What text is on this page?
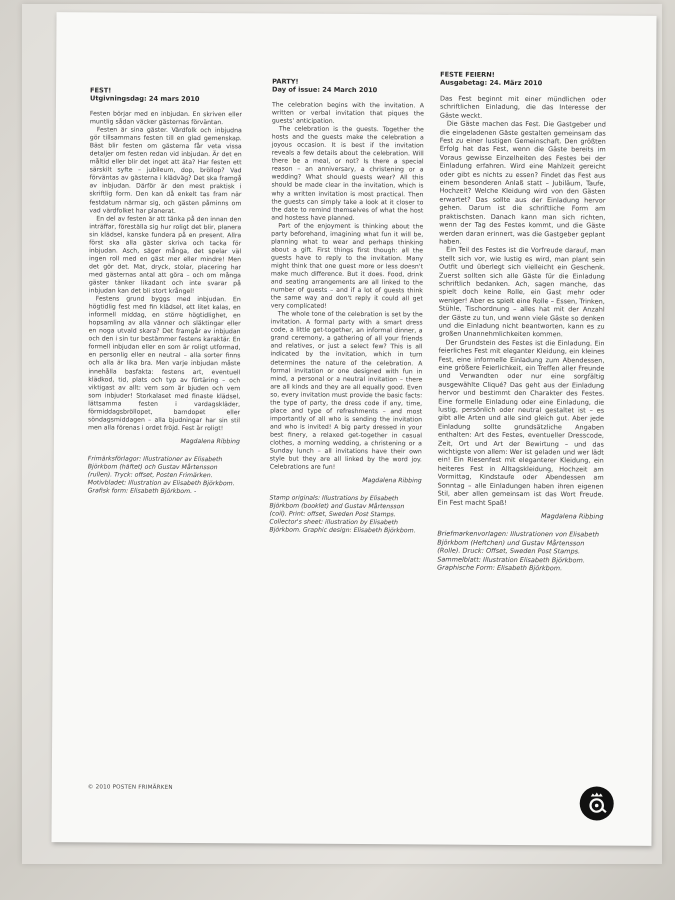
FEST!
Utgivningsdag: 24 mars 2010

Festen börjar med en inbjudan. En skriven eller muntlig sådan väcker gästernas förväntan.

Festen är sina gäster. Värdfolk och inbjudna gör tillsammans festen till en glad gemenskap. Bäst blir festen om gästerna får veta vissa detaljer om festen redan vid inbjudan. Är det en måltid eller blir det inget att äta? Har festen ett särskilt syfte – jubileum, dop, bröllop? Vad förväntas av gästerna i klädväg? Det ska framgå av inbjudan. Därför är den mest praktisk i skriftlig form. Den kan då enkelt tas fram när festdatum närmar sig, och gästen påminns om vad värdfolket har planerat.

En del av festen är att tänka på den innan den inträffar, föreställa sig hur roligt det blir, planera sin klädsel, kanske fundera på en present. Allra först ska alla gäster skriva och tacka för inbjudan. Asch, säger många, det spelar väl ingen roll med en gäst mer eller mindre! Men det gör det. Mat, dryck, stolar, placering har med gästernas antal att göra – och om många gäster tänker likadant och inte svarar på inbjudan kan det bli stort krångel!

Festens grund byggs med inbjudan. En högtidlig fest med fin klädsel, ett litet kalas, en informell middag, en större högtidlighet, en hopsamling av alla vänner och släktingar eller en noga utvald skara? Det framgår av inbjudan och den i sin tur bestämmer festens karaktär. En formell inbjudan eller en som är roligt utformad, en personlig eller en neutral – alla sorter finns och alla är lika bra. Men varje inbjudan måste innehålla basfakta: festens art, eventuell klädkod, tid, plats och typ av förtäring – och viktigast av allt: vem som är bjuden och vem som inbjuder! Storkalaset med finaste klädsel, lättsamma festen i vardagskläder, förmiddagsbröllopet, barndopet eller söndagsmiddagen – alla bjudningar har sin stil men alla förenas i ordet fröjd. Fest är roligt!

Magdalena Ribbing
Frimärksförlagor: Illustrationer av Elisabeth Björkbom (häftet) och Gustav Mårtensson (rullen). Tryck: offset, Posten Frimärken. Motivbladet: Illustration av Elisabeth Björkbom. Grafisk form: Elisabeth Björkbom. -
PARTY!
Day of issue: 24 March 2010

The celebration begins with the invitation. A written or verbal invitation that piques the guests' anticipation.

The celebration is the guests. Together the hosts and the guests make the celebration a joyous occasion. It is best if the invitation reveals a few details about the celebration. Will there be a meal, or not? Is there a special reason – an anniversary, a christening or a wedding? What should guests wear? All this should be made clear in the invitation, which is why a written invitation is most practical. Then the guests can simply take a look at it closer to the date to remind themselves of what the host and hostess have planned.

Part of the enjoyment is thinking about the party beforehand, imagining what fun it will be, planning what to wear and perhaps thinking about a gift. First things first though: all the guests have to reply to the invitation. Many might think that one guest more or less doesn't make much difference. But it does. Food, drink and seating arrangements are all linked to the number of guests – and if a lot of guests think the same way and don't reply it could all get very complicated!

The whole tone of the celebration is set by the invitation. A formal party with a smart dress code, a little get-together, an informal dinner, a grand ceremony, a gathering of all your friends and relatives, or just a select few? This is all indicated by the invitation, which in turn determines the nature of the celebration. A formal invitation or one designed with fun in mind, a personal or a neutral invitation – there are all kinds and they are all equally good. Even so, every invitation must provide the basic facts: the type of party, the dress code if any, time, place and type of refreshments – and most importantly of all who is sending the invitation and who is invited! A big party dressed in your best finery, a relaxed get-together in casual clothes, a morning wedding, a christening or a Sunday lunch – all invitations have their own style but they are all linked by the word joy. Celebrations are fun!

Magdalena Ribbing
Stamp originals: Illustrations by Elisabeth Björkbom (booklet) and Gustav Mårtensson (coil). Print: offset, Sweden Post Stamps. Collector's sheet: illustration by Elisabeth Björkbom. Graphic design: Elisabeth Björkbom.
FESTE FEIERN!
Ausgabetag: 24. März 2010

Das Fest beginnt mit einer mündlichen oder schriftlichen Einladung, die das Interesse der Gäste weckt.

Die Gäste machen das Fest. Die Gastgeber und die eingeladenen Gäste gestalten gemeinsam das Fest zu einer lustigen Gemeinschaft. Den größten Erfolg hat das Fest, wenn die Gäste bereits im Voraus gewisse Einzelheiten des Festes bei der Einladung erfahren. Wird eine Mahlzeit gereicht oder gibt es nichts zu essen? Findet das Fest aus einem besonderen Anlaß statt – Jubiläum, Taufe, Hochzeit? Welche Kleidung wird von den Gästen erwartet? Das sollte aus der Einladung hervor gehen. Darum ist die schriftliche Form am praktischsten. Danach kann man sich richten, wenn der Tag des Festes kommt, und die Gäste werden daran erinnert, was die Gastgeber geplant haben.

Ein Teil des Festes ist die Vorfreude darauf, man stellt sich vor, wie lustig es wird, man plant sein Outfit und überlegt sich vielleicht ein Geschenk. Zuerst sollten sich alle Gäste für die Einladung schriftlich bedanken. Ach, sagen manche, das spielt doch keine Rolle, ein Gast mehr oder weniger! Aber es spielt eine Rolle – Essen, Trinken, Stühle, Tischordnung – alles hat mit der Anzahl der Gäste zu tun, und wenn viele Gäste so denken und die Einladung nicht beantworten, kann es zu großen Unannehmlichkeiten kommen.

Der Grundstein des Festes ist die Einladung. Ein feierliches Fest mit eleganter Kleidung, ein kleines Fest, eine informelle Einladung zum Abendessen, eine größere Feierlichkeit, ein Treffen aller Freunde und Verwandten oder nur eine sorgfältig ausgewählte Cliqué? Das geht aus der Einladung hervor und bestimmt den Charakter des Festes. Eine formelle Einladung oder eine Einladung, die lustig, persönlich oder neutral gestaltet ist – es gibt alle Arten und alle sind gleich gut. Aber jede Einladung sollte grundsätzliche Angaben enthalten: Art des Festes, eventueller Dresscode, Zeit, Ort und Art der Bewirtung – und das wichtigste von allem: Wer ist geladen und wer lädt ein! Ein Riesenfest mit eleganterer Kleidung, ein heiteres Fest in Alltagskleidung, Hochzeit am Vormittag, Kindstaufe oder Abendessen am Sonntag – alle Einladungen haben ihren eigenen Stil, aber allen gemeinsam ist das Wort Freude. Ein Fest macht Spaß!

Magdalena Ribbing
Briefmarkenvorlagen: Illustrationen von Elisabeth Björkbom (Heftchen) und Gustav Mårtensson (Rolle). Druck: Offset, Sweden Post Stamps. Sammelblatt: Illustration Elisabeth Björkbom. Graphische Form: Elisabeth Björkbom.
© 2010 POSTEN FRIMÄRKEN
